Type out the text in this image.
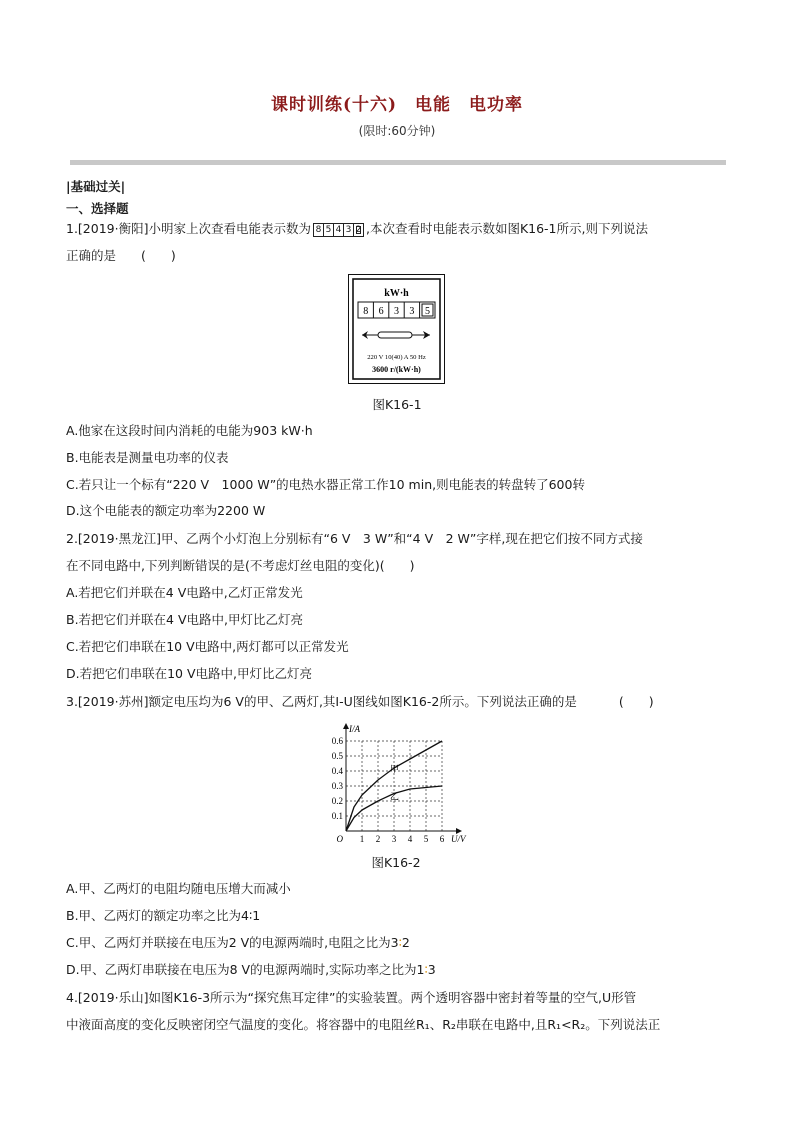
课时训练(十六)　电能　电功率
(限时:60分钟)
|基础过关|
一、选择题
1.[2019·衡阳]小明家上次查看电能表示数为 8 5 4 3 2 ,本次查看时电能表示数如图K16-1所示,则下列说法
正确的是　　(　　)
kW·h
8 6 3 3 5
220 V 10(40) A 50 Hz
3600 r/(kW·h)
图K16-1
A.他家在这段时间内消耗的电能为903 kW·h
B.电能表是测量电功率的仪表
C.若只让一个标有“220 V　1000 W”的电热水器正常工作10 min,则电能表的转盘转了600转
D.这个电能表的额定功率为2200 W
2.[2019·黑龙江]甲、乙两个小灯泡上分别标有“6 V　3 W”和“4 V　2 W”字样,现在把它们按不同方式接
在不同电路中,下列判断错误的是(不考虑灯丝电阻的变化)(　　)
A.若把它们并联在4 V电路中,乙灯正常发光
B.若把它们并联在4 V电路中,甲灯比乙灯亮
C.若把它们串联在10 V电路中,两灯都可以正常发光
D.若把它们串联在10 V电路中,甲灯比乙灯亮
3.[2019·苏州]额定电压均为6 V的甲、乙两灯,其I-U图线如图K16-2所示。下列说法正确的是	(　　)
1 2 3 4 5 6
0.1
0.2
0.3
0.4
0.5
0.6
O	U/V
I/A
甲
乙
图K16-2
A.甲、乙两灯的电阻均随电压增大而减小
B.甲、乙两灯的额定功率之比为4∶1
C.甲、乙两灯并联接在电压为2 V的电源两端时,电阻之比为3∶2
D.甲、乙两灯串联接在电压为8 V的电源两端时,实际功率之比为1∶3
4.[2019·乐山]如图K16-3所示为“探究焦耳定律”的实验装置。两个透明容器中密封着等量的空气,U形管
中液面高度的变化反映密闭空气温度的变化。将容器中的电阻丝R₁、R₂串联在电路中,且R₁<R₂。下列说法正
